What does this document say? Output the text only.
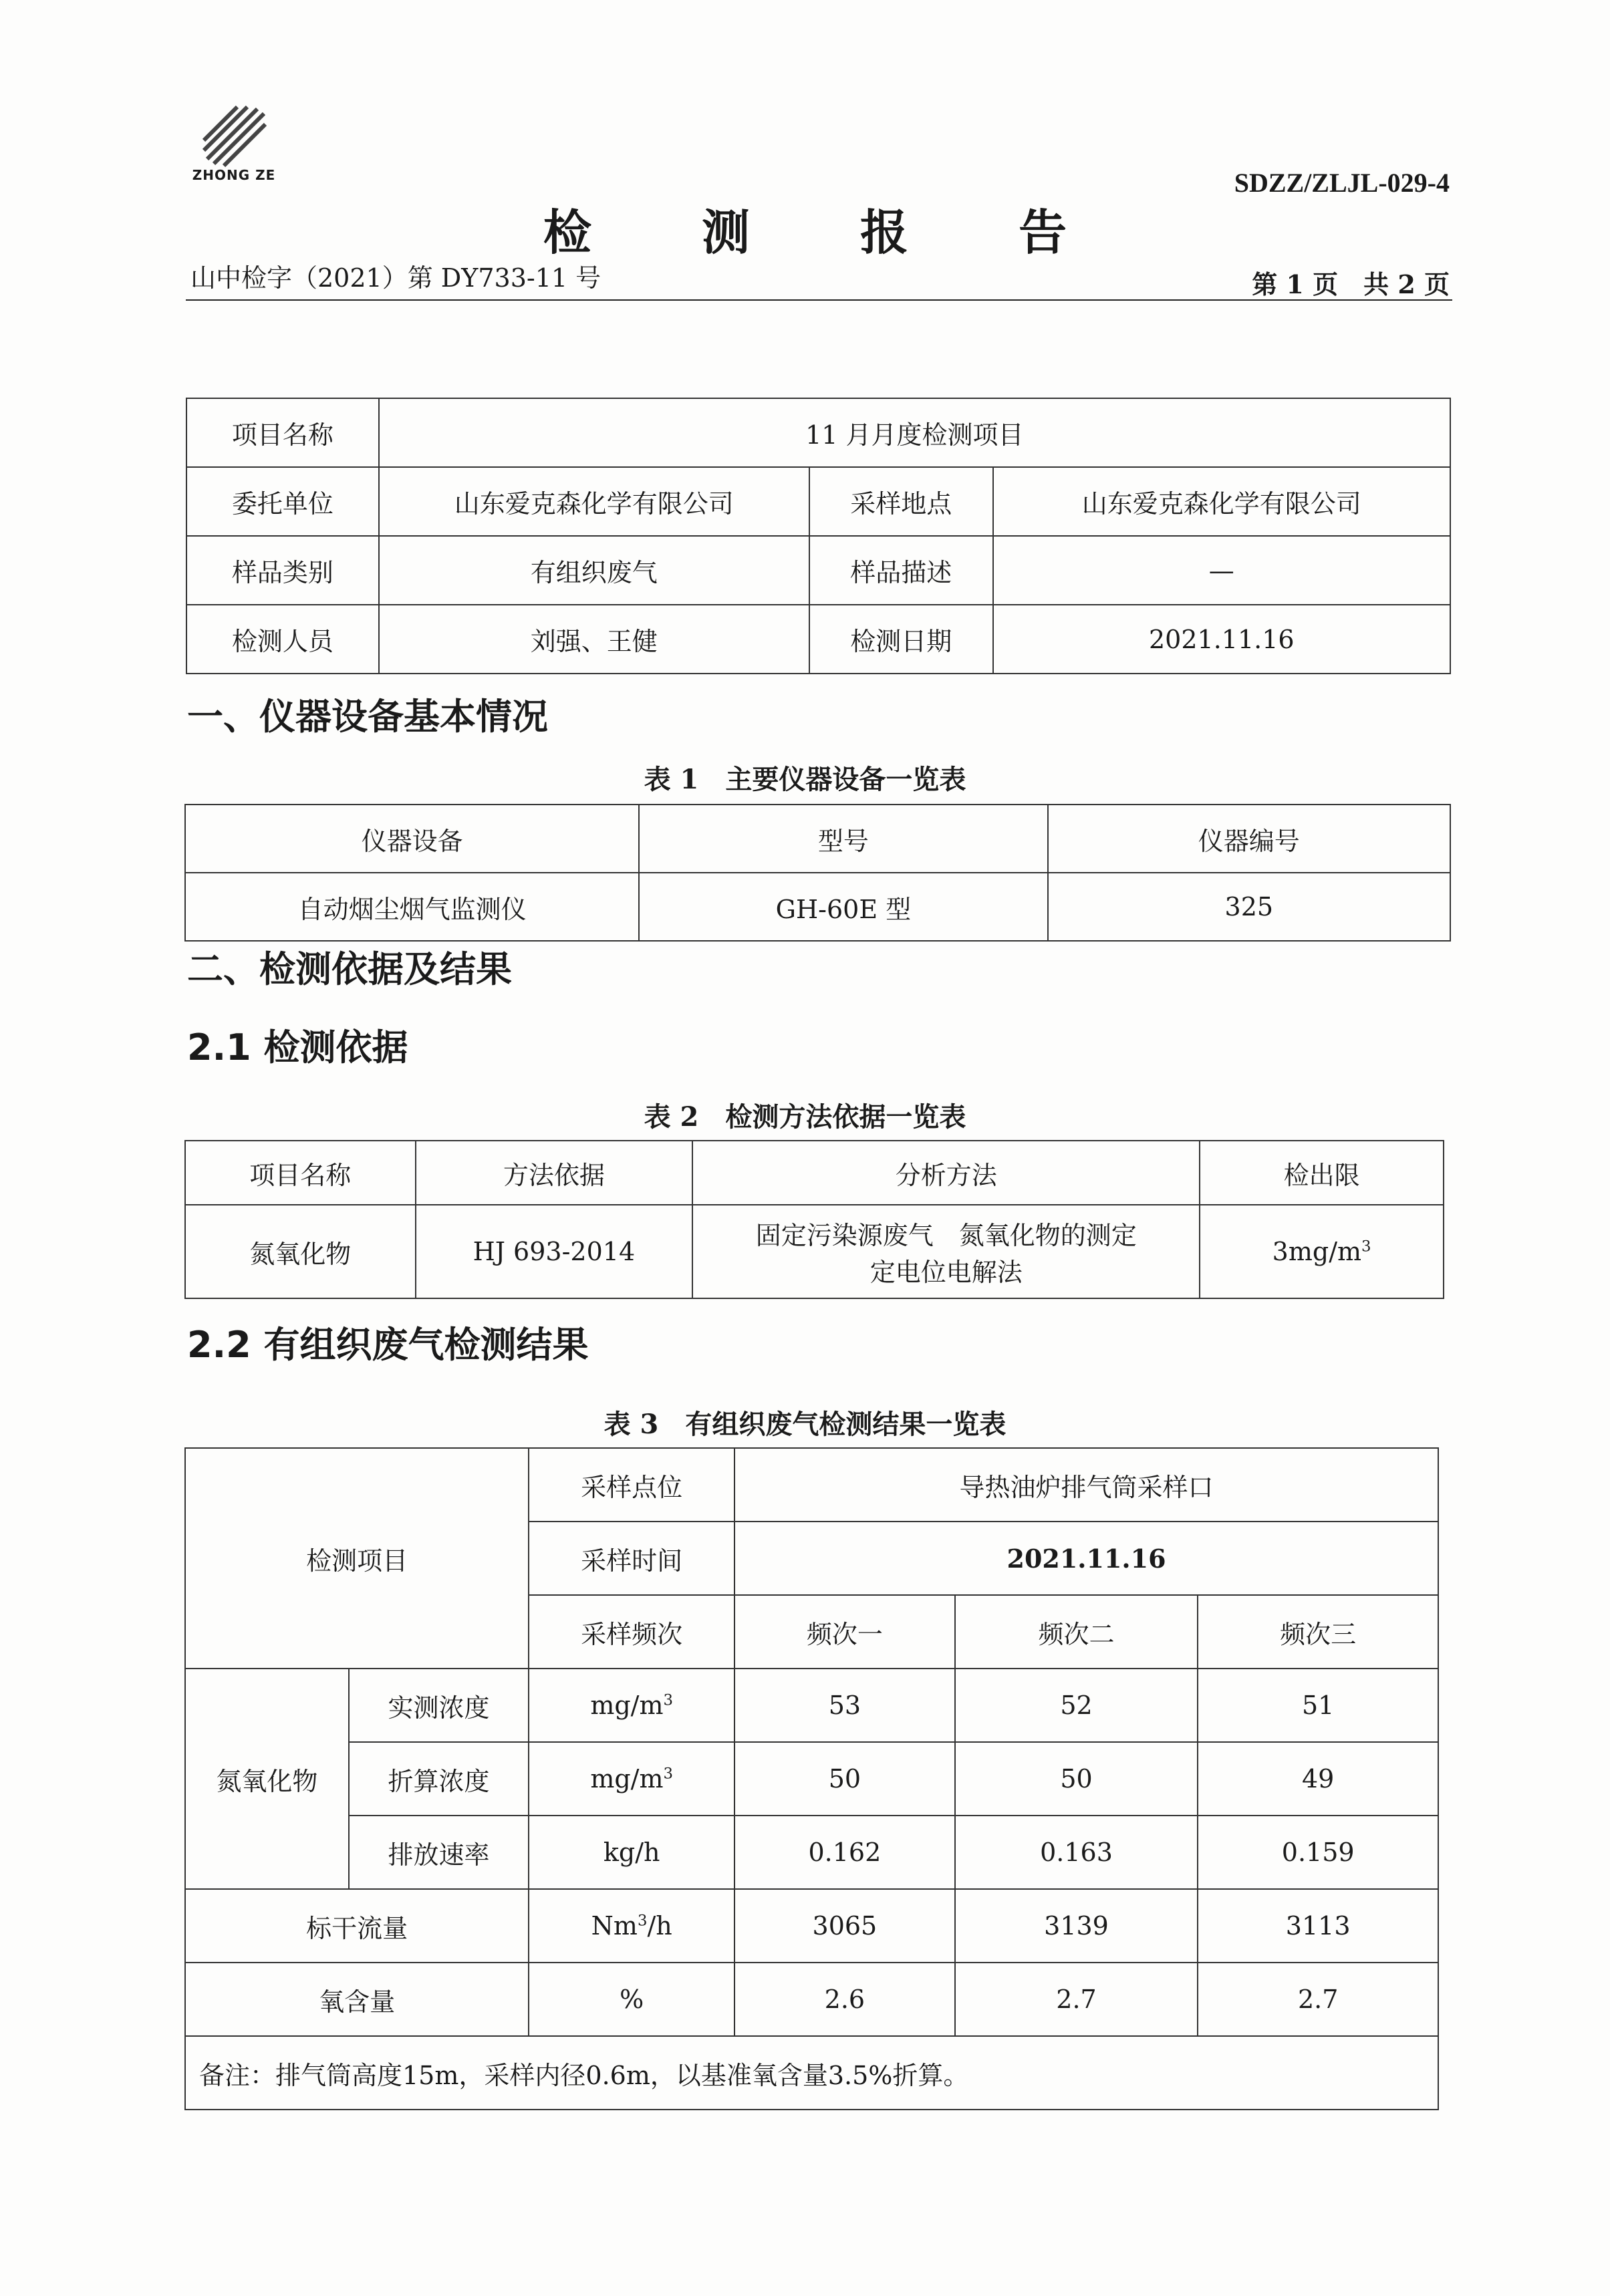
ZHONG ZE	SDZZ/ZLJL-029-4
检 测 报 告
山中检字（2021）第 DY733-11 号	第 1 页　共 2 页
项目名称	11 月月度检测项目		
委托单位	山东爱克森化学有限公司	采样地点	山东爱克森化学有限公司
样品类别	有组织废气	样品描述	—
检测人员	刘强、王健	检测日期	2021.11.16
一、仪器设备基本情况
表 1　主要仪器设备一览表
仪器设备	型号	仪器编号
自动烟尘烟气监测仪	GH-60E 型	325
二、检测依据及结果
2.1 检测依据
表 2　检测方法依据一览表
项目名称	方法依据	分析方法	检出限
氮氧化物	HJ 693-2014	固定污染源废气　氮氧化物的测定
定电位电解法	$3mg/m^3$
2.2 有组织废气检测结果
表 3　有组织废气检测结果一览表
检测项目		采样点位	导热油炉排气筒采样口		
		采样时间	2021.11.16		
		采样频次	频次一	频次二	频次三
氮氧化物	实测浓度	$mg/m^3$	53	52	51
	折算浓度	$mg/m^3$	50	50	49
	排放速率	kg/h	0.162	0.163	0.159
标干流量		Nm$^3$/h	3065	3139	3113
氧含量		%	2.6	2.7	2.7
备注：排气筒高度15m，采样内径0.6m，以基准氧含量3.5%折算。					
